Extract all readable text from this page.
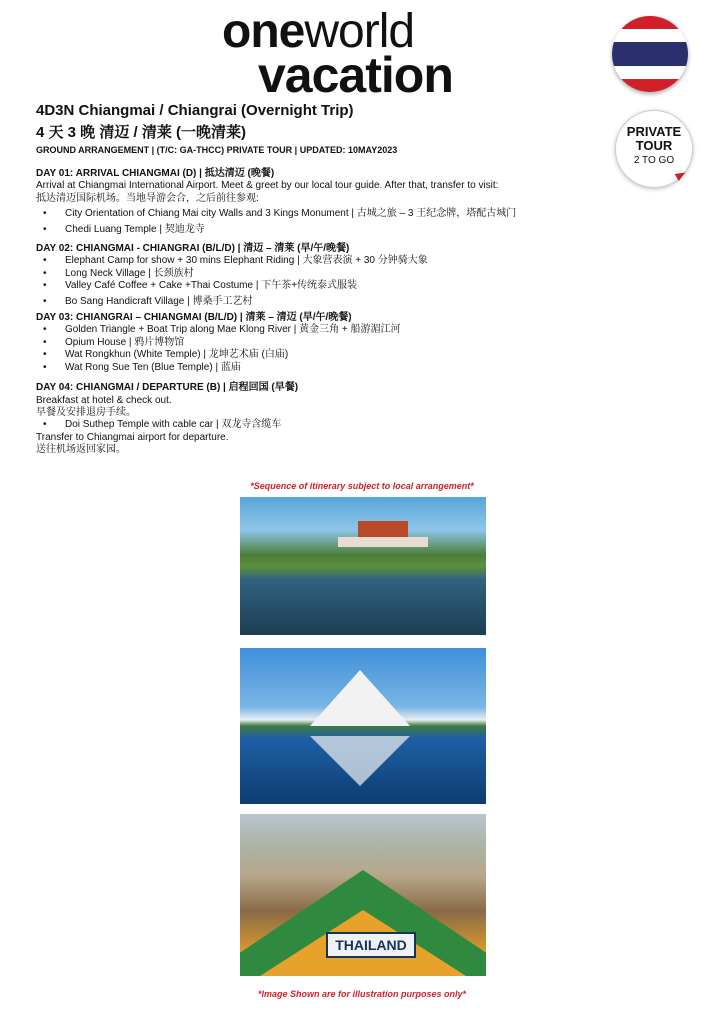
oneworld
vacation
PRIVATE
TOUR
2 TO GO
4D3N Chiangmai / Chiangrai (Overnight Trip)
4 天 3 晚 清迈 / 清莱 (一晚清莱)
GROUND ARRANGEMENT | (T/C: GA-THCC) PRIVATE TOUR | UPDATED: 10MAY2023
DAY 01: ARRIVAL CHIANGMAI (D) | 抵达清迈 (晚餐)
Arrival at Chiangmai International Airport. Meet & greet by our local tour guide. After that, transfer to visit:
抵达清迈国际机场。当地导游会合，之后前往参观:
• City Orientation of Chiang Mai city Walls and 3 Kings Monument | 古城之旅 – 3 王纪念牌，塔配古城门
• Chedi Luang Temple | 契迪龙寺
DAY 02: CHIANGMAI - CHIANGRAI (B/L/D) | 清迈 – 清莱 (早/午/晚餐)
• Elephant Camp for show + 30 mins Elephant Riding | 大象营表演 + 30 分钟骑大象
• Long Neck Village | 长颈族村
• Valley Café Coffee + Cake +Thai Costume | 下午茶+传统泰式服装
• Bo Sang Handicraft Village | 博桑手工艺村
DAY 03: CHIANGRAI – CHIANGMAI (B/L/D) | 清莱 – 清迈 (早/午/晚餐)
• Golden Triangle + Boat Trip along Mae Klong River | 黄金三角 + 船游湄江河
• Opium House | 鸦片博物馆
• Wat Rongkhun (White Temple) | 龙坤艺术庙 (白庙)
• Wat Rong Sue Ten (Blue Temple) | 蓝庙
DAY 04: CHIANGMAI / DEPARTURE (B) | 启程回国 (早餐)
Breakfast at hotel & check out.
早餐及安排退房手续。
• Doi Suthep Temple with cable car | 双龙寺含缆车
Transfer to Chiangmai airport for departure.
送往机场返回家园。
*Sequence of itinerary subject to local arrangement*
THAILAND
*Image Shown are for illustration purposes only*
